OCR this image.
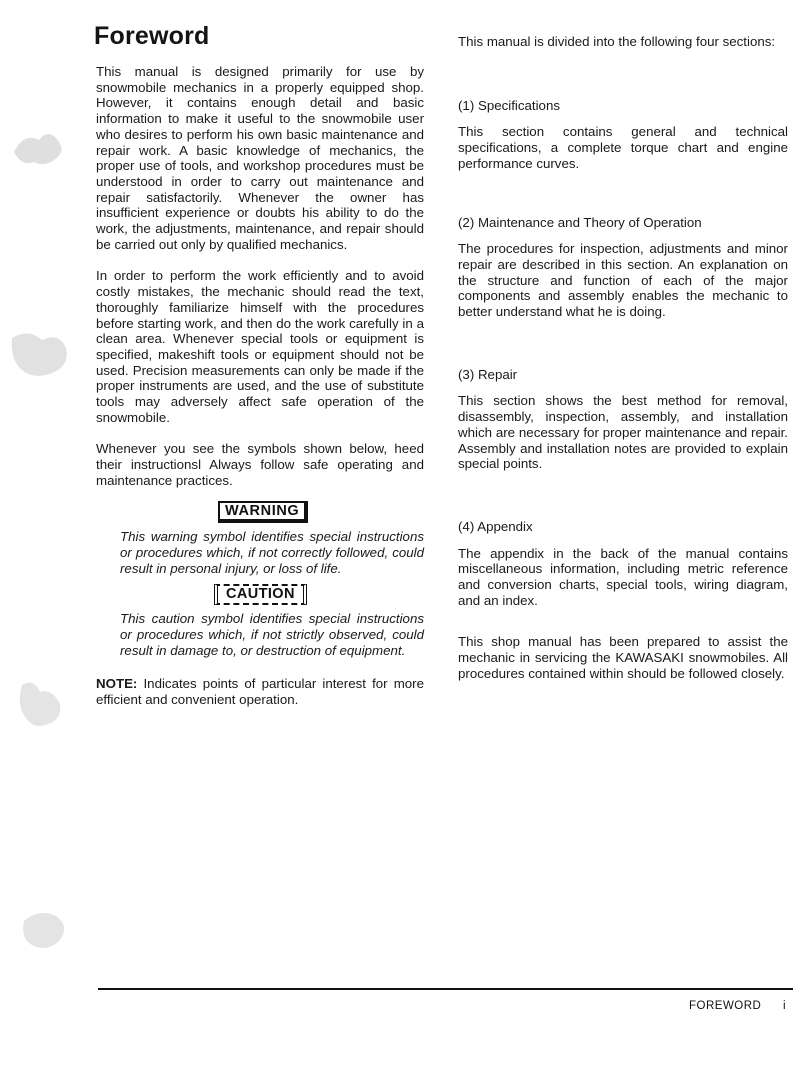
Foreword

This manual is designed primarily for use by snowmobile mechanics in a properly equipped shop. However, it contains enough detail and basic information to make it useful to the snowmobile user who desires to perform his own basic maintenance and repair work. A basic knowledge of mechanics, the proper use of tools, and workshop procedures must be understood in order to carry out maintenance and repair satisfactorily. Whenever the owner has insufficient experience or doubts his ability to do the work, the adjustments, maintenance, and repair should be carried out only by qualified mechanics.

In order to perform the work efficiently and to avoid costly mistakes, the mechanic should read the text, thoroughly familiarize himself with the procedures before starting work, and then do the work carefully in a clean area. Whenever special tools or equipment is specified, makeshift tools or equipment should not be used. Precision measurements can only be made if the proper instruments are used, and the use of substitute tools may adversely affect safe operation of the snowmobile.

Whenever you see the symbols shown below, heed their instructionsl Always follow safe operating and maintenance practices.

WARNING

This warning symbol identifies special instructions or procedures which, if not correctly followed, could result in personal injury, or loss of life.

CAUTION

This caution symbol identifies special instructions or procedures which, if not strictly observed, could result in damage to, or destruction of equipment.

NOTE: Indicates points of particular interest for more efficient and convenient operation.

This manual is divided into the following four sections:

(1) Specifications

This section contains general and technical specifications, a complete torque chart and engine performance curves.

(2) Maintenance and Theory of Operation

The procedures for inspection, adjustments and minor repair are described in this section. An explanation on the structure and function of each of the major components and assembly enables the mechanic to better understand what he is doing.

(3) Repair

This section shows the best method for removal, disassembly, inspection, assembly, and installation which are necessary for proper maintenance and repair. Assembly and installation notes are provided to explain special points.

(4) Appendix

The appendix in the back of the manual contains miscellaneous information, including metric reference and conversion charts, special tools, wiring diagram, and an index.

This shop manual has been prepared to assist the mechanic in servicing the KAWASAKI snowmobiles. All procedures contained within should be followed closely.

FOREWORD i
